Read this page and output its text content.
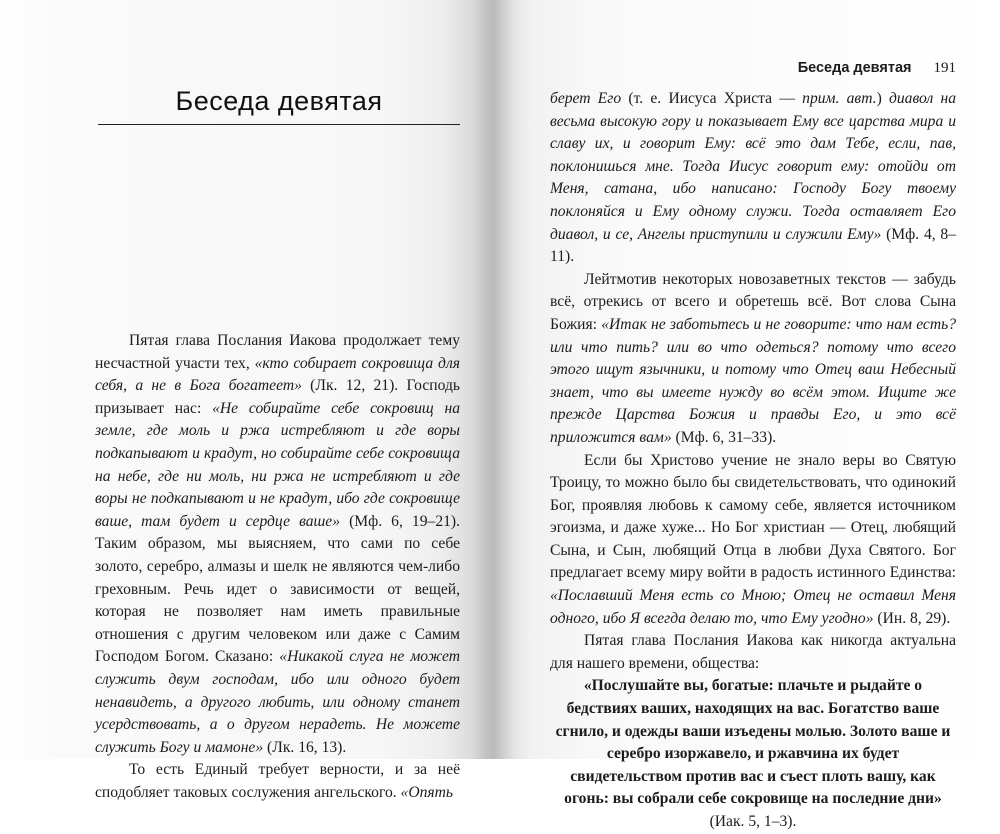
Беседа девятая

Пятая глава Послания Иакова продолжает тему несчастной участи тех, «кто собирает сокровища для себя, а не в Бога богатеет» (Лк. 12, 21). Господь призывает нас: «Не собирайте себе сокровищ на земле, где моль и ржа истребляют и где воры подкапывают и крадут, но собирайте себе сокровища на небе, где ни моль, ни ржа не истребляют и где воры не подкапывают и не крадут, ибо где сокровище ваше, там будет и сердце ваше» (Мф. 6, 19–21). Таким образом, мы выясняем, что сами по себе золото, серебро, алмазы и шелк не являются чем-либо греховным. Речь идет о зависимости от вещей, которая не позволяет нам иметь правильные отношения с другим человеком или даже с Самим Господом Богом. Сказано: «Никакой слуга не может служить двум господам, ибо или одного будет ненавидеть, а другого любить, или одному станет усердствовать, а о другом нерадеть. Не можете служить Богу и мамоне» (Лк. 16, 13).

То есть Единый требует верности, и за неё сподобляет таковых сослужения ангельского. «Опять

Беседа девятая 191

берет Его (т. е. Иисуса Христа — прим. авт.) диавол на весьма высокую гору и показывает Ему все царства мира и славу их, и говорит Ему: всё это дам Тебе, если, пав, поклонишься мне. Тогда Иисус говорит ему: отойди от Меня, сатана, ибо написано: Господу Богу твоему поклоняйся и Ему одному служи. Тогда оставляет Его диавол, и се, Ангелы приступили и служили Ему» (Мф. 4, 8–11).

Лейтмотив некоторых новозаветных текстов — забудь всё, отрекись от всего и обретешь всё. Вот слова Сына Божия: «Итак не заботьтесь и не говорите: что нам есть? или что пить? или во что одеться? потому что всего этого ищут язычники, и потому что Отец ваш Небесный знает, что вы имеете нужду во всём этом. Ищите же прежде Царства Божия и правды Его, и это всё приложится вам» (Мф. 6, 31–33).

Если бы Христово учение не знало веры во Святую Троицу, то можно было бы свидетельствовать, что одинокий Бог, проявляя любовь к самому себе, является источником эгоизма, и даже хуже... Но Бог христиан — Отец, любящий Сына, и Сын, любящий Отца в любви Духа Святого. Бог предлагает всему миру войти в радость истинного Единства: «Пославший Меня есть со Мною; Отец не оставил Меня одного, ибо Я всегда делаю то, что Ему угодно» (Ин. 8, 29).

Пятая глава Послания Иакова как никогда актуальна для нашего времени, общества:

«Послушайте вы, богатые: плачьте и рыдайте о бедствиях ваших, находящих на вас. Богатство ваше сгнило, и одежды ваши изъедены молью. Золото ваше и серебро изоржавело, и ржавчина их будет свидетельством против вас и съест плоть вашу, как огонь: вы собрали себе сокровище на последние дни» (Иак. 5, 1–3).
